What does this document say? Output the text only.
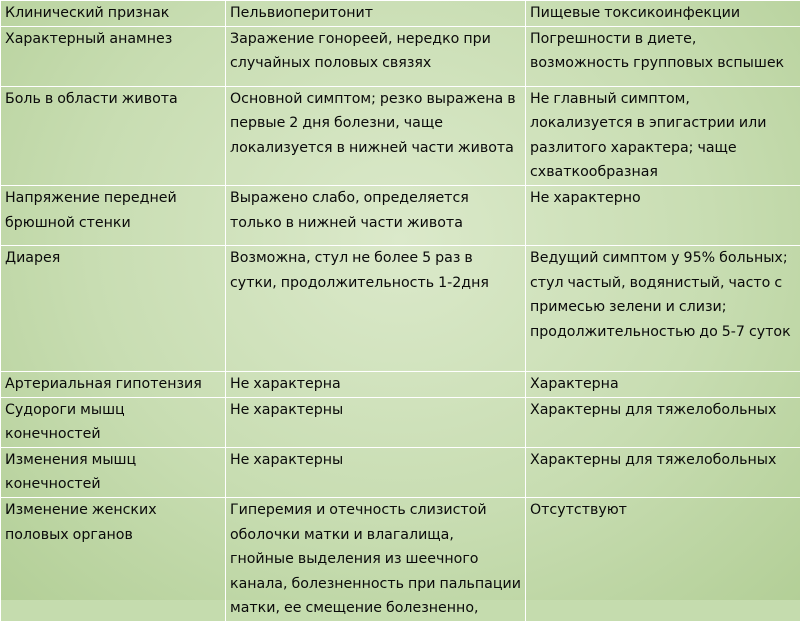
Клинический признак	Пельвиоперитонит	Пищевые токсикоинфекции
Характерный анамнез	Заражение гонореей, нередко при случайных половых связях	Погрешности в диете, возможность групповых вспышек
Боль в области живота	Основной симптом; резко выражена в первые 2 дня болезни, чаще локализуется в нижней части живота	Не главный симптом, локализуется в эпигастрии или разлитого характера; чаще схваткообразная
Напряжение передней брюшной стенки	Выражено слабо, определяется только в нижней части живота	Не характерно
Диарея	Возможна, стул не более 5 раз в сутки, продолжительность 1-2дня	Ведущий симптом у 95% больных; стул частый, водянистый, часто с примесью зелени и слизи; продолжительностью до 5-7 суток
Артериальная гипотензия	Не характерна	Характерна
Судороги мышц конечностей	Не характерны	Характерны для тяжелобольных
Изменения мышц конечностей	Не характерны	Характерны для тяжелобольных
Изменение женских половых органов	Гиперемия и отечность слизистой оболочки матки и влагалища, гнойные выделения из шеечного канала, болезненность при пальпации матки, ее смещение болезненно,	Отсутствуют
